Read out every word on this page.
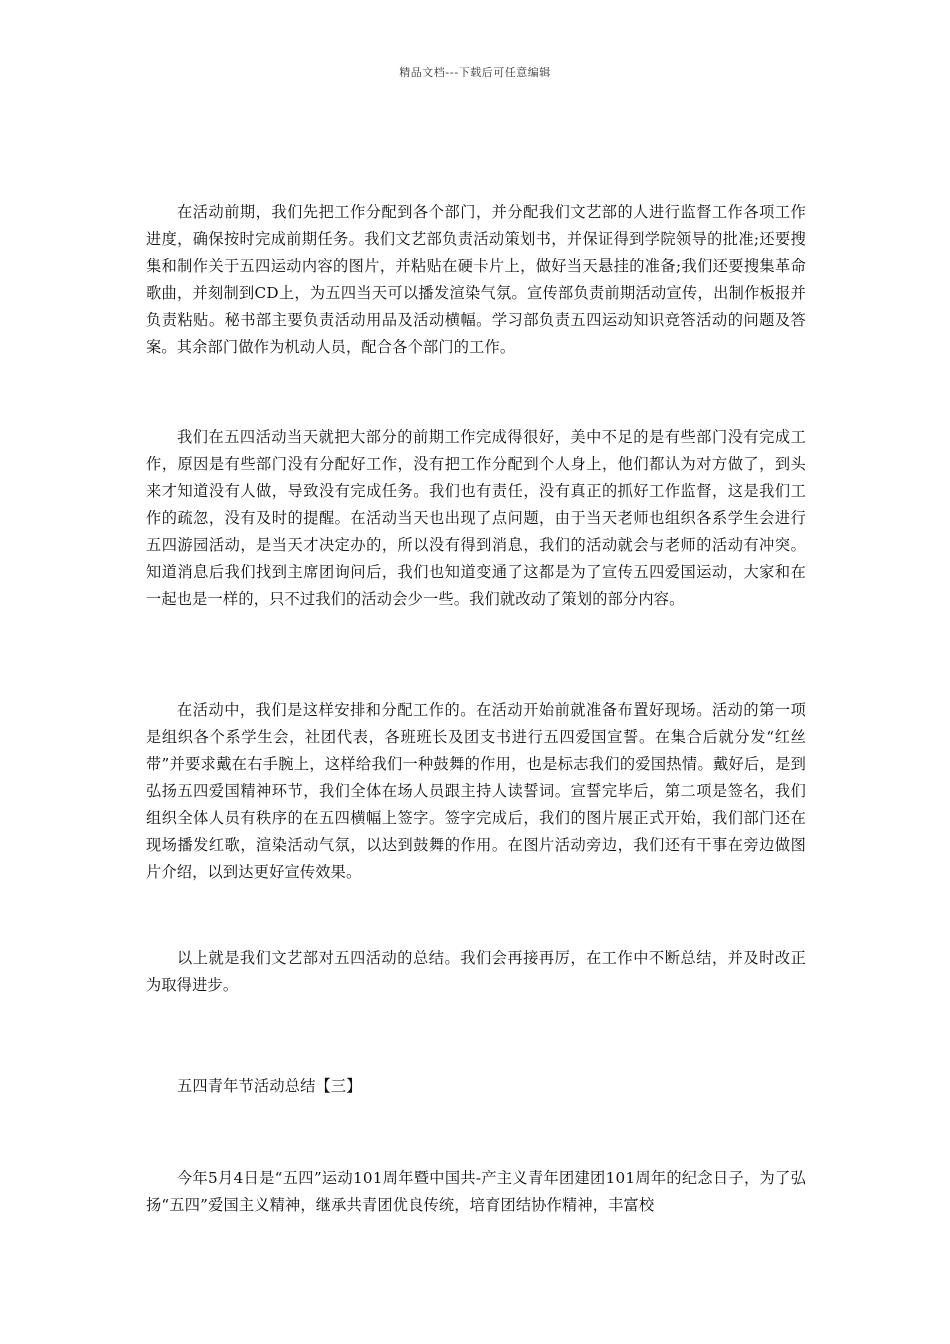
精品文档---下载后可任意编辑

在活动前期，我们先把工作分配到各个部门，并分配我们文艺部的人进行监督工作各项工作进度，确保按时完成前期任务。我们文艺部负责活动策划书，并保证得到学院领导的批准;还要搜集和制作关于五四运动内容的图片，并粘贴在硬卡片上，做好当天悬挂的准备;我们还要搜集革命歌曲，并刻制到CD上，为五四当天可以播发渲染气氛。宣传部负责前期活动宣传，出制作板报并负责粘贴。秘书部主要负责活动用品及活动横幅。学习部负责五四运动知识竞答活动的问题及答案。其余部门做作为机动人员，配合各个部门的工作。

我们在五四活动当天就把大部分的前期工作完成得很好，美中不足的是有些部门没有完成工作，原因是有些部门没有分配好工作，没有把工作分配到个人身上，他们都认为对方做了，到头来才知道没有人做，导致没有完成任务。我们也有责任，没有真正的抓好工作监督，这是我们工作的疏忽，没有及时的提醒。在活动当天也出现了点问题，由于当天老师也组织各系学生会进行五四游园活动，是当天才决定办的，所以没有得到消息，我们的活动就会与老师的活动有冲突。知道消息后我们找到主席团询问后，我们也知道变通了这都是为了宣传五四爱国运动，大家和在一起也是一样的，只不过我们的活动会少一些。我们就改动了策划的部分内容。

在活动中，我们是这样安排和分配工作的。在活动开始前就准备布置好现场。活动的第一项是组织各个系学生会，社团代表，各班班长及团支书进行五四爱国宣誓。在集合后就分发“红丝带”并要求戴在右手腕上，这样给我们一种鼓舞的作用，也是标志我们的爱国热情。戴好后，是到弘扬五四爱国精神环节，我们全体在场人员跟主持人读誓词。宣誓完毕后，第二项是签名，我们组织全体人员有秩序的在五四横幅上签字。签字完成后，我们的图片展正式开始，我们部门还在现场播发红歌，渲染活动气氛，以达到鼓舞的作用。在图片活动旁边，我们还有干事在旁边做图片介绍，以到达更好宣传效果。

以上就是我们文艺部对五四活动的总结。我们会再接再厉，在工作中不断总结，并及时改正为取得进步。

五四青年节活动总结【三】

今年5月4日是“五四”运动101周年暨中国共-产主义青年团建团101周年的纪念日子，为了弘扬“五四”爱国主义精神，继承共青团优良传统，培育团结协作精神，丰富校
